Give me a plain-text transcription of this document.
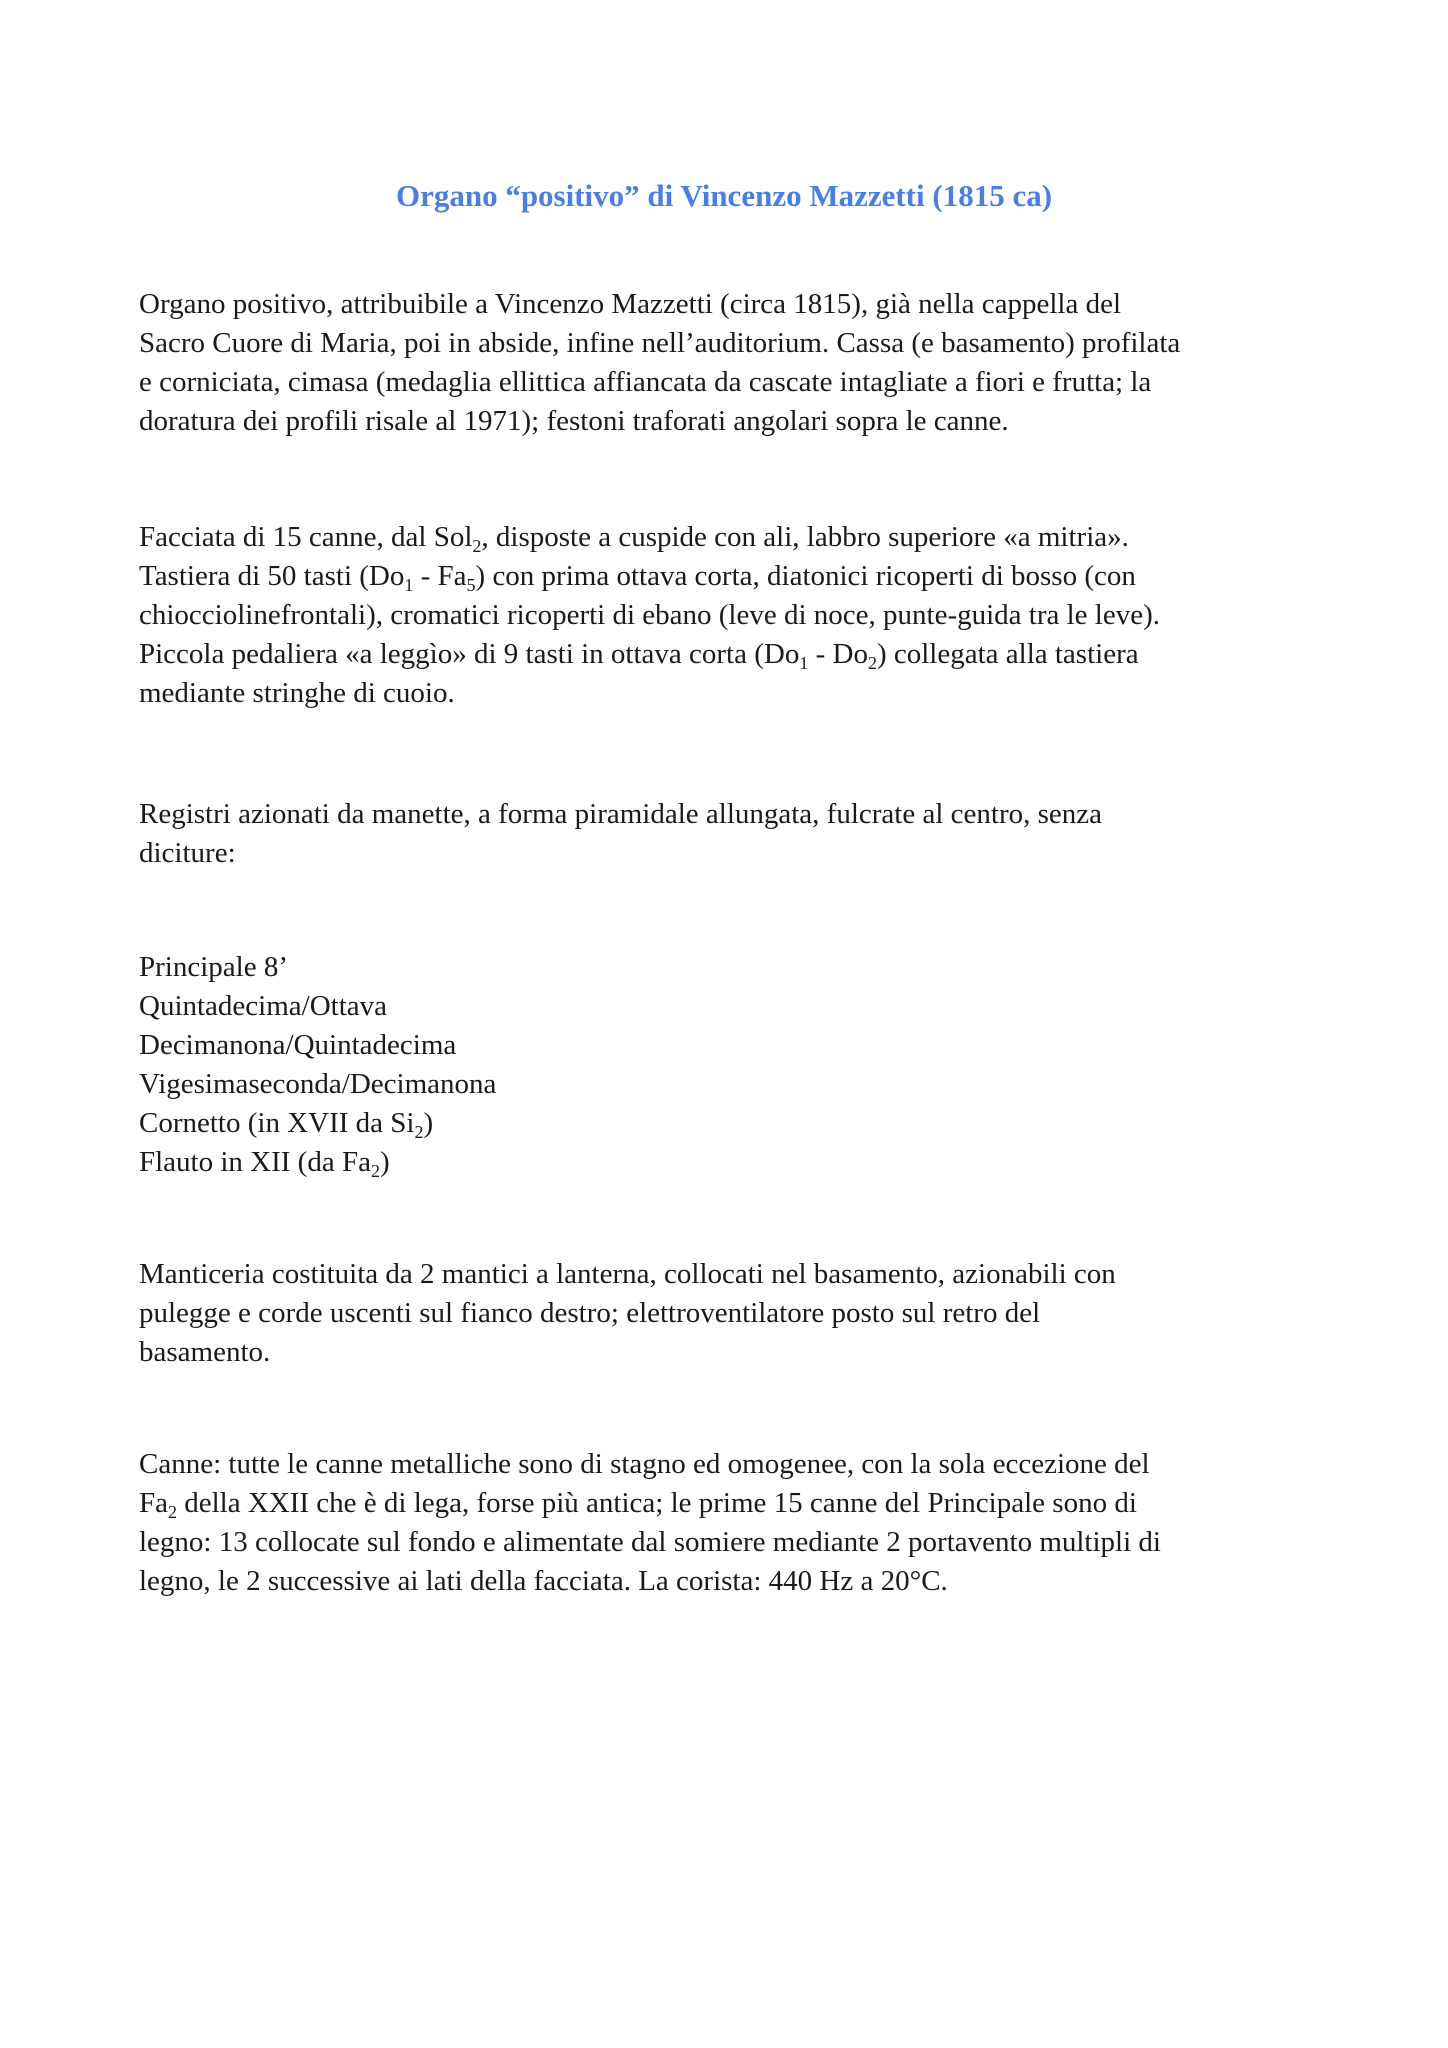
Organo “positivo” di Vincenzo Mazzetti (1815 ca)

Organo positivo, attribuibile a Vincenzo Mazzetti (circa 1815), già nella cappella del
Sacro Cuore di Maria, poi in abside, infine nell’auditorium. Cassa (e basamento) profilata
e corniciata, cimasa (medaglia ellittica affiancata da cascate intagliate a fiori e frutta; la
doratura dei profili risale al 1971); festoni traforati angolari sopra le canne.

Facciata di 15 canne, dal Sol$_2$, disposte a cuspide con ali, labbro superiore «a mitria».
Tastiera di 50 tasti $(Do_1 - Fa_5)$ con prima ottava corta, diatonici ricoperti di bosso (con
chiocciolinefrontali), cromatici ricoperti di ebano (leve di noce, punte-guida tra le leve).
Piccola pedaliera «a leggìo» di 9 tasti in ottava corta $(Do_1 - Do_2)$ collegata alla tastiera
mediante stringhe di cuoio.

Registri azionati da manette, a forma piramidale allungata, fulcrate al centro, senza
diciture:

Principale 8’
Quintadecima/Ottava
Decimanona/Quintadecima
Vigesimaseconda/Decimanona
Cornetto (in XVII da $Si_2$)
Flauto in XII (da $Fa_2$)

Manticeria costituita da 2 mantici a lanterna, collocati nel basamento, azionabili con
pulegge e corde uscenti sul fianco destro; elettroventilatore posto sul retro del
basamento.

Canne: tutte le canne metalliche sono di stagno ed omogenee, con la sola eccezione del
$Fa_2$ della XXII che è di lega, forse più antica; le prime 15 canne del Principale sono di
legno: 13 collocate sul fondo e alimentate dal somiere mediante 2 portavento multipli di
legno, le 2 successive ai lati della facciata. La corista: 440 Hz a 20°C.
